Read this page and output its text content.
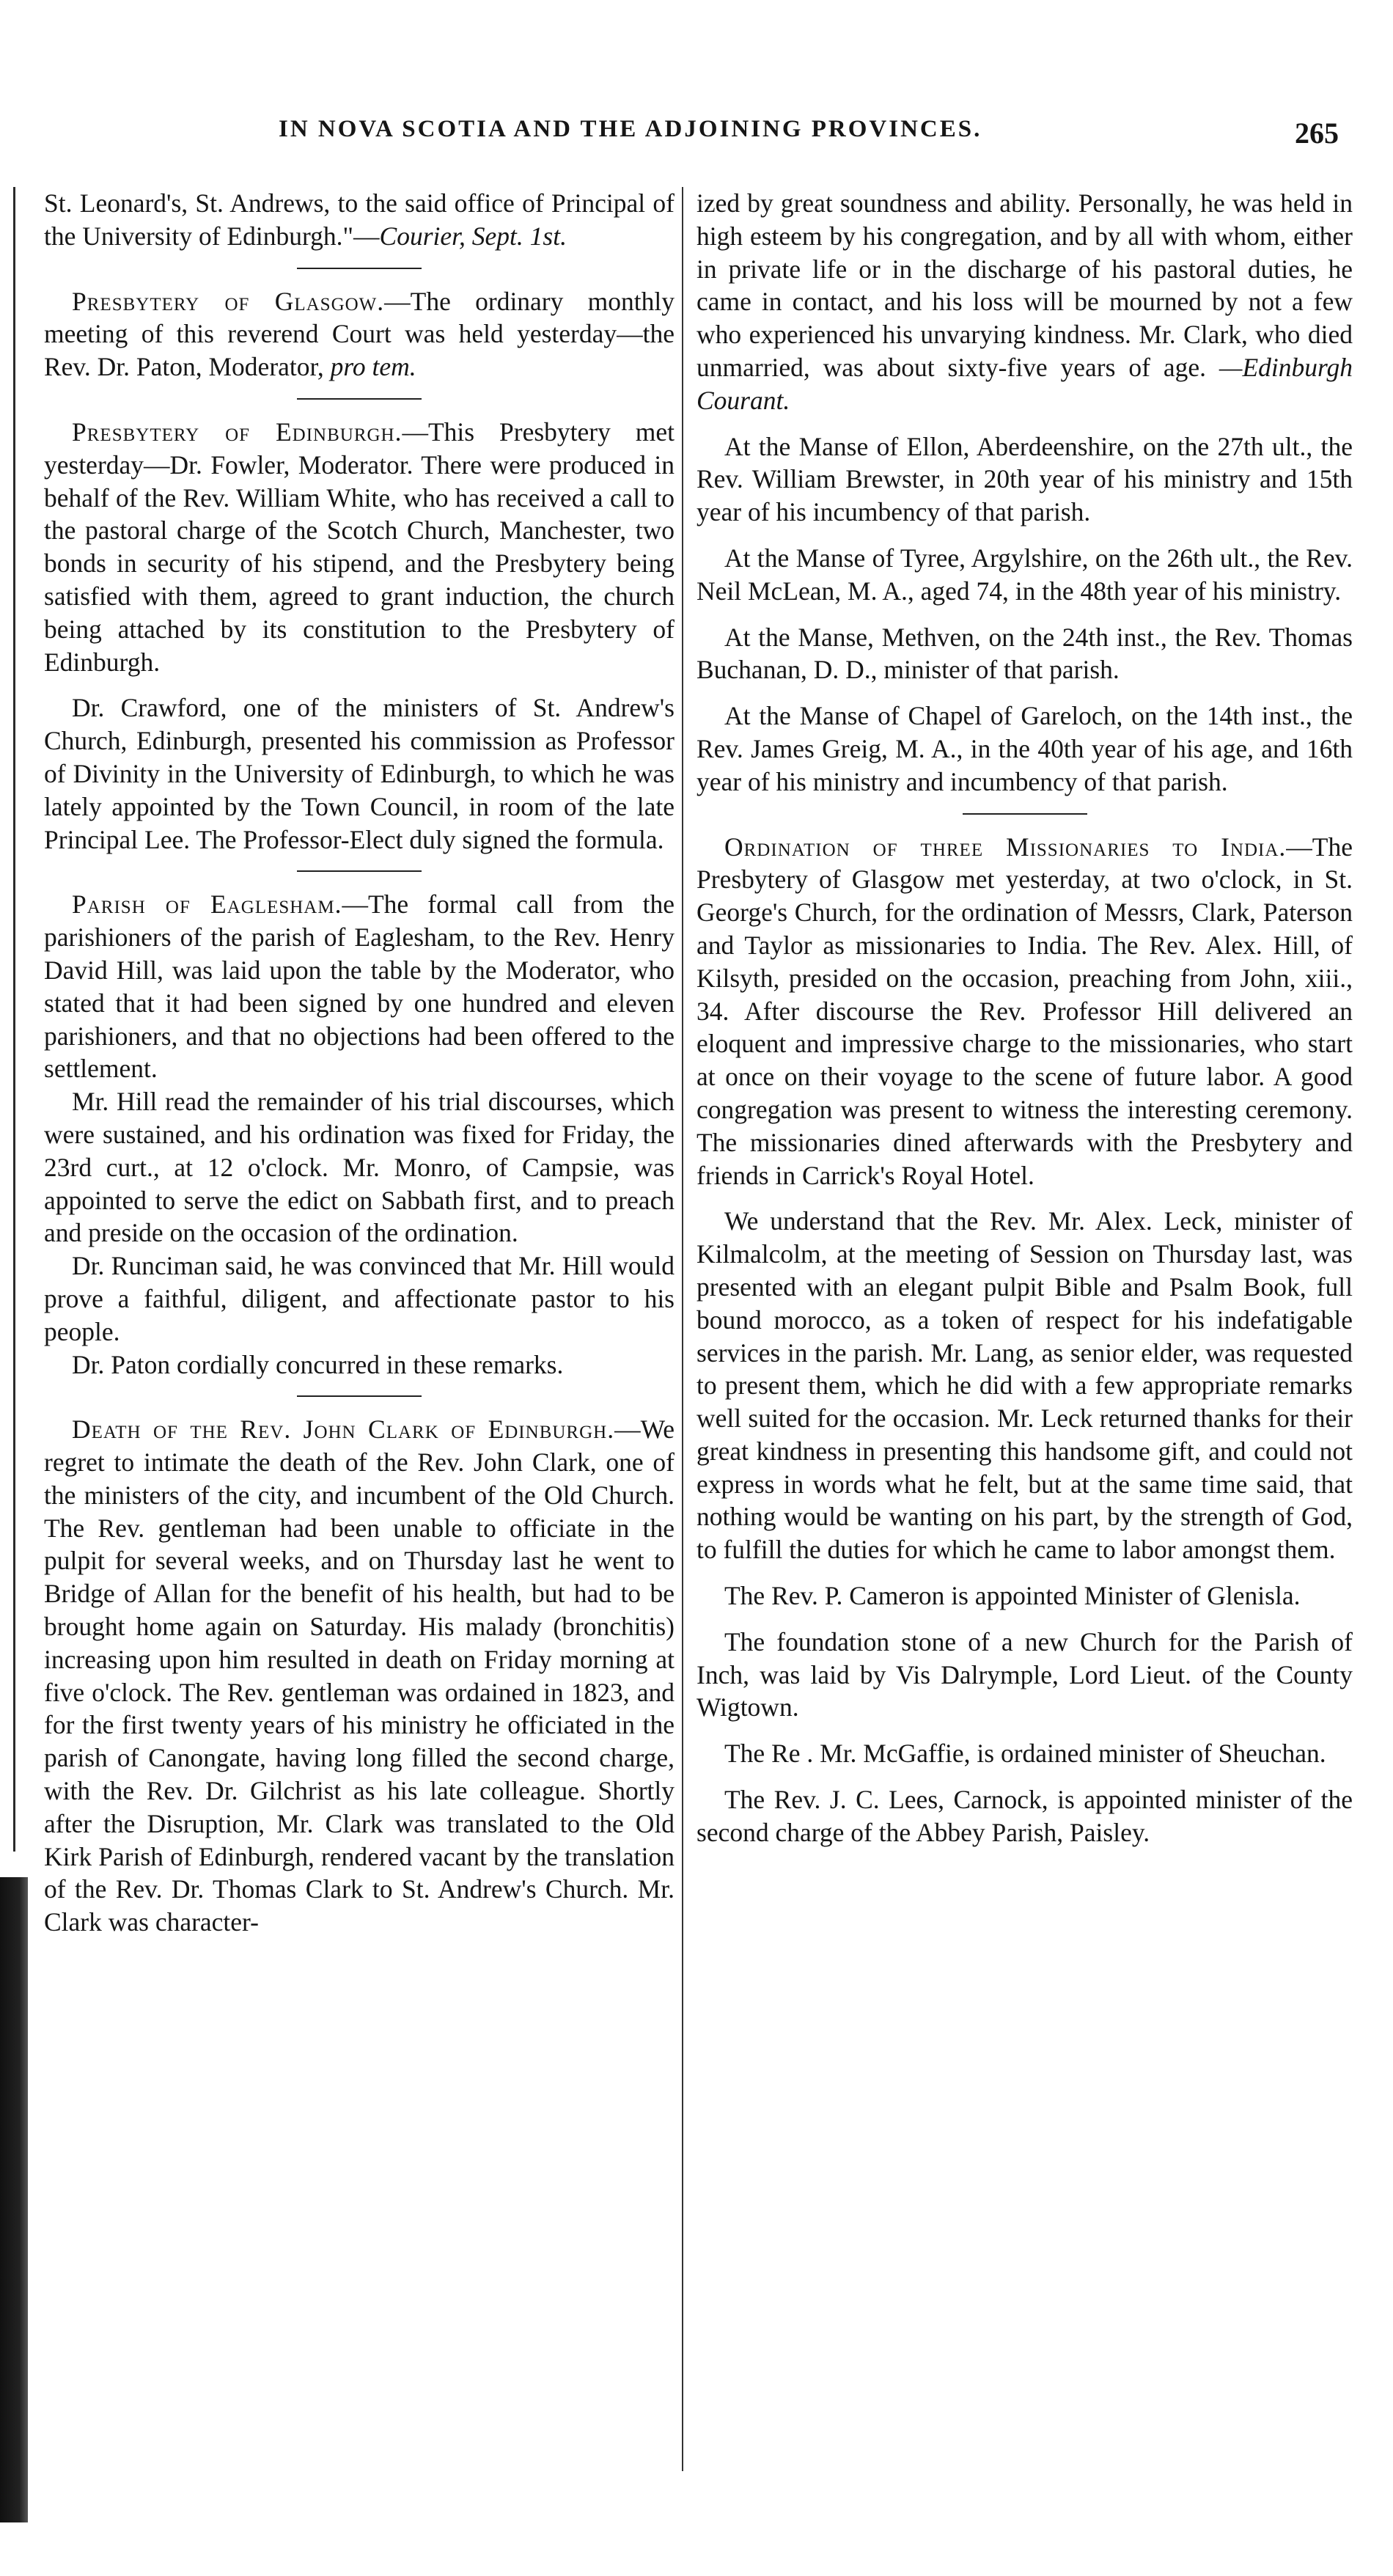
IN NOVA SCOTIA AND THE ADJOINING PROVINCES.	265

St. Leonard's, St. Andrews, to the said office of Principal of the University of Edinburgh."—Courier, Sept. 1st.

Presbytery of Glasgow.—The ordinary monthly meeting of this reverend Court was held yesterday—the Rev. Dr. Paton, Moderator, pro tem.

Presbytery of Edinburgh.—This Presbytery met yesterday—Dr. Fowler, Moderator. There were produced in behalf of the Rev. William White, who has received a call to the pastoral charge of the Scotch Church, Manchester, two bonds in security of his stipend, and the Presbytery being satisfied with them, agreed to grant induction, the church being attached by its constitution to the Presbytery of Edinburgh.

Dr. Crawford, one of the ministers of St. Andrew's Church, Edinburgh, presented his commission as Professor of Divinity in the University of Edinburgh, to which he was lately appointed by the Town Council, in room of the late Principal Lee. The Professor-Elect duly signed the formula.

Parish of Eaglesham.—The formal call from the parishioners of the parish of Eaglesham, to the Rev. Henry David Hill, was laid upon the table by the Moderator, who stated that it had been signed by one hundred and eleven parishioners, and that no objections had been offered to the settlement.

Mr. Hill read the remainder of his trial discourses, which were sustained, and his ordination was fixed for Friday, the 23rd curt., at 12 o'clock. Mr. Monro, of Campsie, was appointed to serve the edict on Sabbath first, and to preach and preside on the occasion of the ordination.

Dr. Runciman said, he was convinced that Mr. Hill would prove a faithful, diligent, and affectionate pastor to his people.

Dr. Paton cordially concurred in these remarks.

Death of the Rev. John Clark of Edinburgh.—We regret to intimate the death of the Rev. John Clark, one of the ministers of the city, and incumbent of the Old Church. The Rev. gentleman had been unable to officiate in the pulpit for several weeks, and on Thursday last he went to Bridge of Allan for the benefit of his health, but had to be brought home again on Saturday. His malady (bronchitis) increasing upon him resulted in death on Friday morning at five o'clock. The Rev. gentleman was ordained in 1823, and for the first twenty years of his ministry he officiated in the parish of Canongate, having long filled the second charge, with the Rev. Dr. Gilchrist as his late colleague. Shortly after the Disruption, Mr. Clark was translated to the Old Kirk Parish of Edinburgh, rendered vacant by the translation of the Rev. Dr. Thomas Clark to St. Andrew's Church. Mr. Clark was character-

ized by great soundness and ability. Personally, he was held in high esteem by his congregation, and by all with whom, either in private life or in the discharge of his pastoral duties, he came in contact, and his loss will be mourned by not a few who experienced his unvarying kindness. Mr. Clark, who died unmarried, was about sixty-five years of age. —Edinburgh Courant.

At the Manse of Ellon, Aberdeenshire, on the 27th ult., the Rev. William Brewster, in 20th year of his ministry and 15th year of his incumbency of that parish.

At the Manse of Tyree, Argylshire, on the 26th ult., the Rev. Neil McLean, M. A., aged 74, in the 48th year of his ministry.

At the Manse, Methven, on the 24th inst., the Rev. Thomas Buchanan, D. D., minister of that parish.

At the Manse of Chapel of Gareloch, on the 14th inst., the Rev. James Greig, M. A., in the 40th year of his age, and 16th year of his ministry and incumbency of that parish.

Ordination of three Missionaries to India.—The Presbytery of Glasgow met yesterday, at two o'clock, in St. George's Church, for the ordination of Messrs, Clark, Paterson and Taylor as missionaries to India. The Rev. Alex. Hill, of Kilsyth, presided on the occasion, preaching from John, xiii., 34. After discourse the Rev. Professor Hill delivered an eloquent and impressive charge to the missionaries, who start at once on their voyage to the scene of future labor. A good congregation was present to witness the interesting ceremony. The missionaries dined afterwards with the Presbytery and friends in Carrick's Royal Hotel.

We understand that the Rev. Mr. Alex. Leck, minister of Kilmalcolm, at the meeting of Session on Thursday last, was presented with an elegant pulpit Bible and Psalm Book, full bound morocco, as a token of respect for his indefatigable services in the parish. Mr. Lang, as senior elder, was requested to present them, which he did with a few appropriate remarks well suited for the occasion. Mr. Leck returned thanks for their great kindness in presenting this handsome gift, and could not express in words what he felt, but at the same time said, that nothing would be wanting on his part, by the strength of God, to fulfill the duties for which he came to labor amongst them.

The Rev. P. Cameron is appointed Minister of Glenisla.

The foundation stone of a new Church for the Parish of Inch, was laid by Vis Dalrymple, Lord Lieut. of the County Wigtown.

The Re . Mr. McGaffie, is ordained minister of Sheuchan.

The Rev. J. C. Lees, Carnock, is appointed minister of the second charge of the Abbey Parish, Paisley.
